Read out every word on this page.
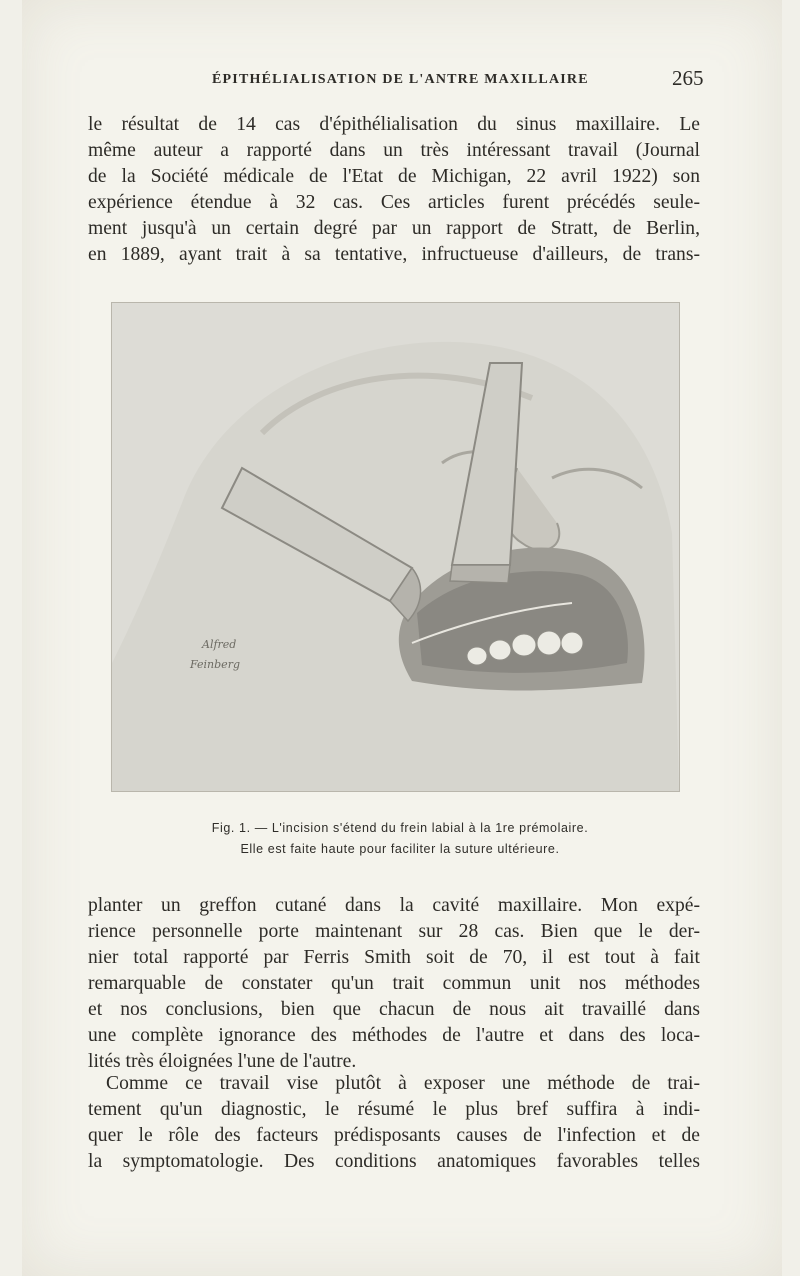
ÉPITHÉLIALISATION DE L'ANTRE MAXILLAIRE	265

le résultat de 14 cas d'épithélialisation du sinus maxillaire. Le
même auteur a rapporté dans un très intéressant travail (Journal
de la Société médicale de l'Etat de Michigan, 22 avril 1922) son
expérience étendue à 32 cas. Ces articles furent précédés seule-
ment jusqu'à un certain degré par un rapport de Stratt, de Berlin,
en 1889, ayant trait à sa tentative, infructueuse d'ailleurs, de trans-

Alfred
Feinberg
Fig. 1. — L'incision s'étend du frein labial à la 1re prémolaire.
Elle est faite haute pour faciliter la suture ultérieure.

planter un greffon cutané dans la cavité maxillaire. Mon expé-
rience personnelle porte maintenant sur 28 cas. Bien que le der-
nier total rapporté par Ferris Smith soit de 70, il est tout à fait
remarquable de constater qu'un trait commun unit nos méthodes
et nos conclusions, bien que chacun de nous ait travaillé dans
une complète ignorance des méthodes de l'autre et dans des loca-
lités très éloignées l'une de l'autre.

Comme ce travail vise plutôt à exposer une méthode de trai-
tement qu'un diagnostic, le résumé le plus bref suffira à indi-
quer le rôle des facteurs prédisposants causes de l'infection et de
la symptomatologie. Des conditions anatomiques favorables telles
